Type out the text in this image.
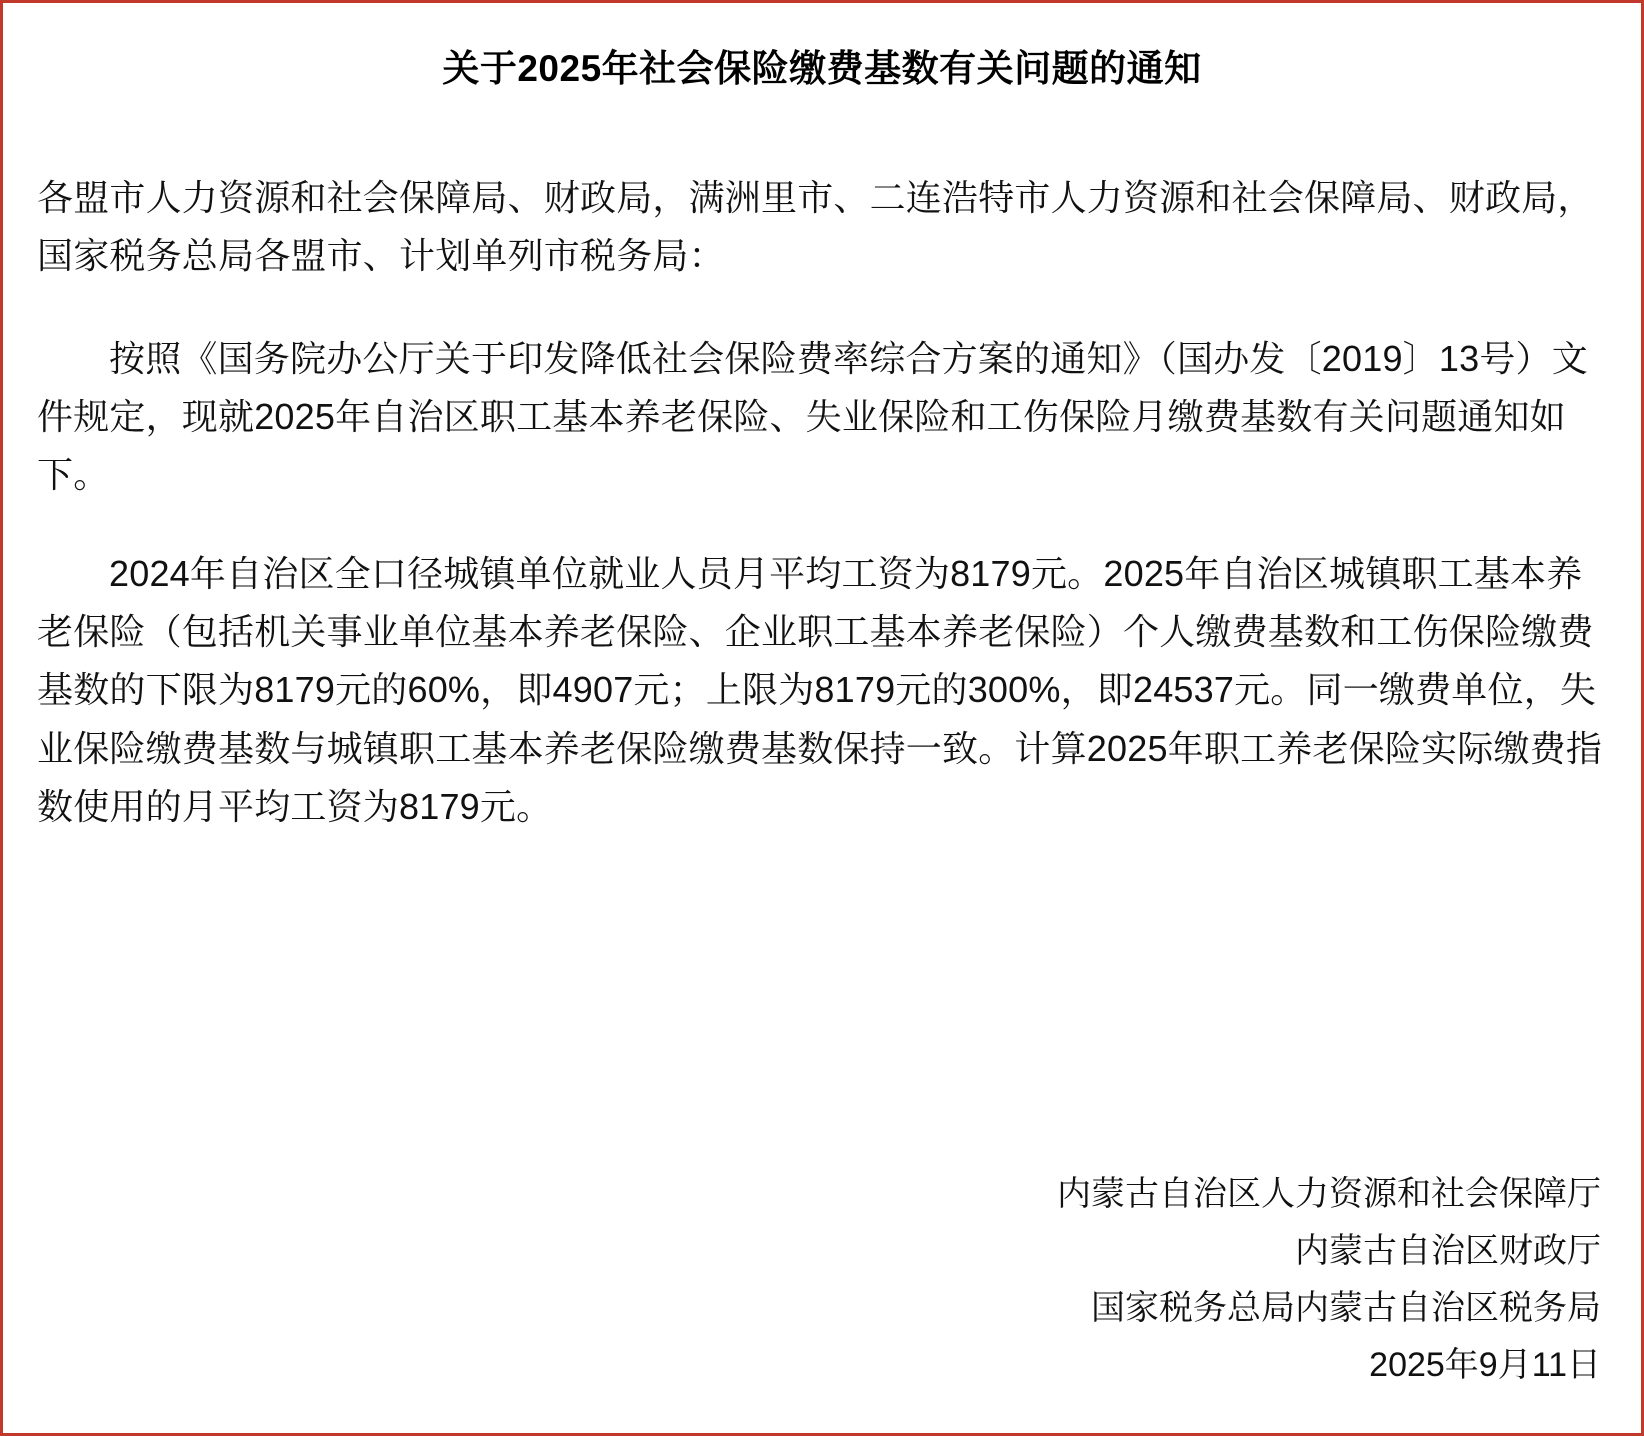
关于2025年社会保险缴费基数有关问题的通知

各盟市人力资源和社会保障局、财政局，满洲里市、二连浩特市人力资源和社会保障局、财政局，国家税务总局各盟市、计划单列市税务局：

按照《国务院办公厅关于印发降低社会保险费率综合方案的通知》（国办发〔2019〕13号）文件规定，现就2025年自治区职工基本养老保险、失业保险和工伤保险月缴费基数有关问题通知如下。

2024年自治区全口径城镇单位就业人员月平均工资为8179元。2025年自治区城镇职工基本养老保险（包括机关事业单位基本养老保险、企业职工基本养老保险）个人缴费基数和工伤保险缴费基数的下限为8179元的60%，即4907元；上限为8179元的300%，即24537元。同一缴费单位，失业保险缴费基数与城镇职工基本养老保险缴费基数保持一致。计算2025年职工养老保险实际缴费指数使用的月平均工资为8179元。

内蒙古自治区人力资源和社会保障厅
内蒙古自治区财政厅
国家税务总局内蒙古自治区税务局
2025年9月11日
